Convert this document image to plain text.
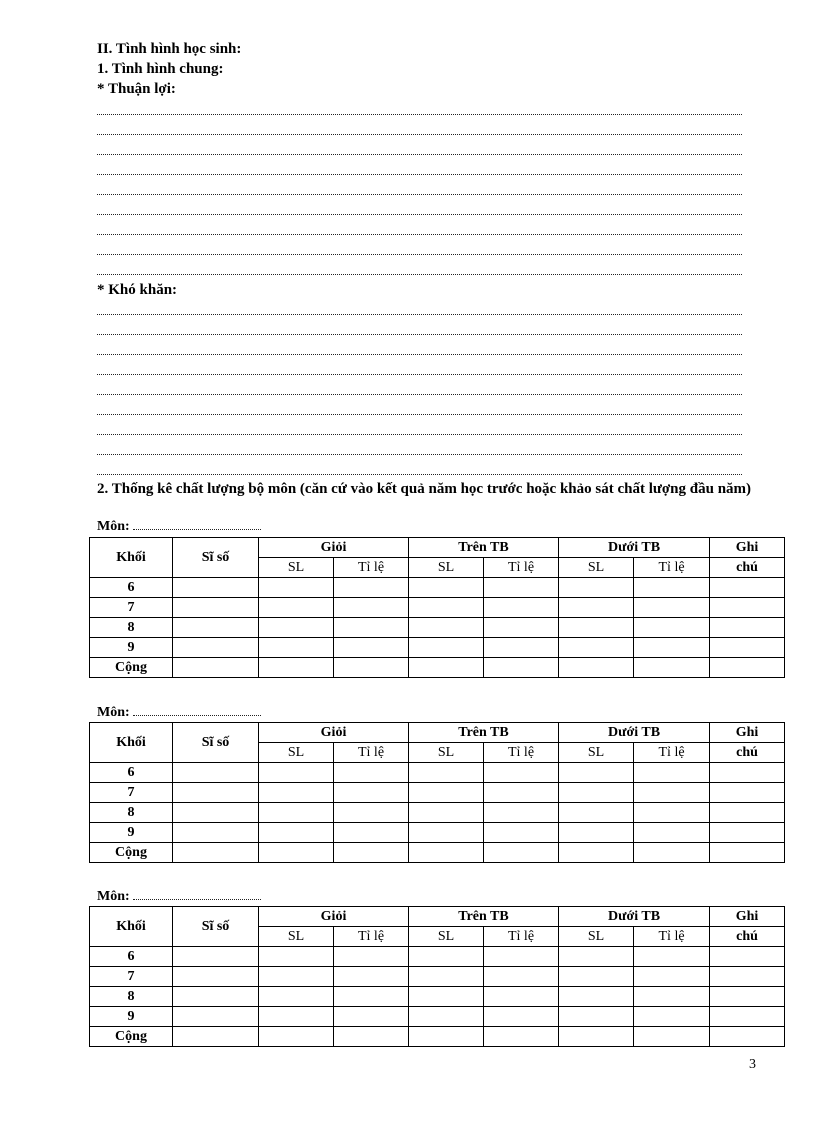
II. Tình hình học sinh:
1. Tình hình chung:
* Thuận lợi:
* Khó khăn:
2. Thống kê chất lượng bộ môn (căn cứ vào kết quả năm học trước hoặc khảo sát chất lượng đầu năm)
Môn:
Khối	Sĩ số	Giỏi		Trên TB		Dưới TB		Ghi
		SL	Tỉ lệ	SL	Tỉ lệ	SL	Tỉ lệ	chú
6								
7								
8								
9								
Cộng								
Môn:
Khối	Sĩ số	Giỏi		Trên TB		Dưới TB		Ghi
		SL	Tỉ lệ	SL	Tỉ lệ	SL	Tỉ lệ	chú
6								
7								
8								
9								
Cộng								
Môn:
Khối	Sĩ số	Giỏi		Trên TB		Dưới TB		Ghi
		SL	Tỉ lệ	SL	Tỉ lệ	SL	Tỉ lệ	chú
6								
7								
8								
9								
Cộng								
3
